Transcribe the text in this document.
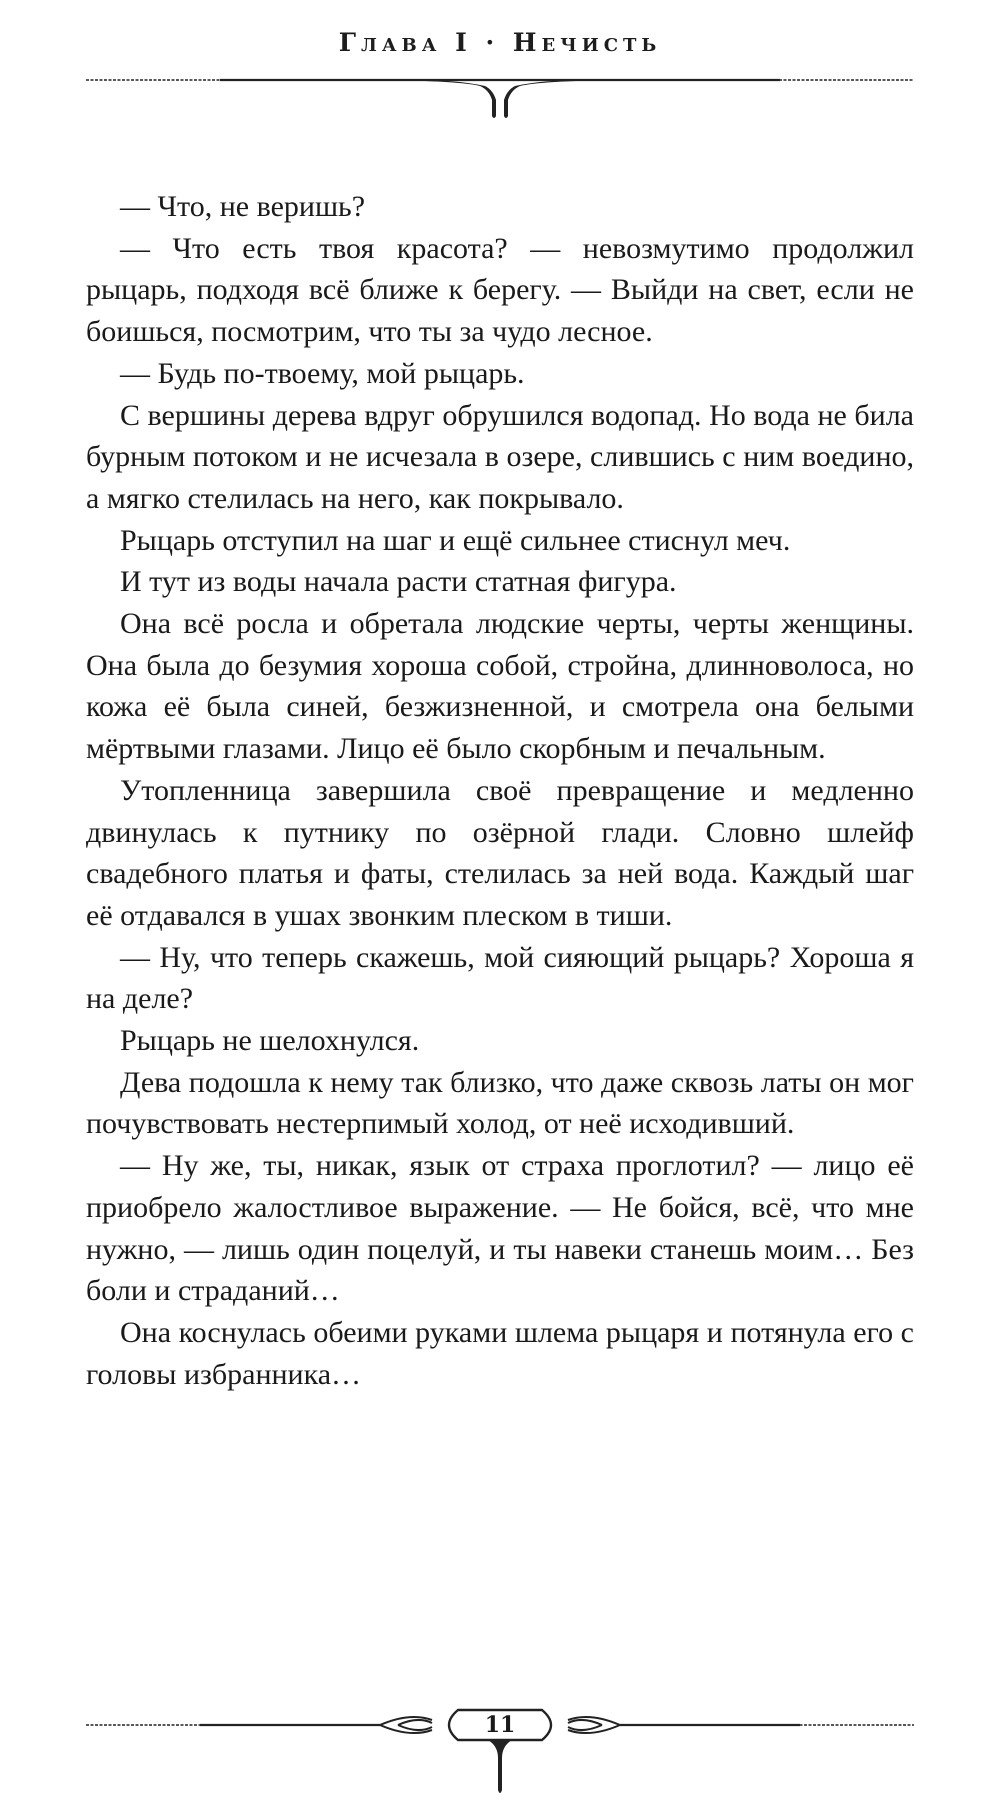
Глава I · Нечисть

— Что, не веришь?

— Что есть твоя красота? — невозмутимо продолжил рыцарь, подходя всё ближе к берегу. — Выйди на свет, если не боишься, посмотрим, что ты за чудо лесное.

— Будь по-твоему, мой рыцарь.

С вершины дерева вдруг обрушился водопад. Но вода не била бурным потоком и не исчезала в озере, слившись с ним воедино, а мягко стелилась на него, как покрывало.

Рыцарь отступил на шаг и ещё сильнее стиснул меч.

И тут из воды начала расти статная фигура.

Она всё росла и обретала людские черты, черты женщины. Она была до безумия хороша собой, стройна, длинноволоса, но кожа её была синей, безжизненной, и смотрела она белыми мёртвыми глазами. Лицо её было скорбным и печальным.

Утопленница завершила своё превращение и медленно двинулась к путнику по озёрной глади. Словно шлейф свадебного платья и фаты, стелилась за ней вода. Каждый шаг её отдавался в ушах звонким плеском в тиши.

— Ну, что теперь скажешь, мой сияющий рыцарь? Хороша я на деле?

Рыцарь не шелохнулся.

Дева подошла к нему так близко, что даже сквозь латы он мог почувствовать нестерпимый холод, от неё исходивший.

— Ну же, ты, никак, язык от страха проглотил? — лицо её приобрело жалостливое выражение. — Не бойся, всё, что мне нужно, — лишь один поцелуй, и ты навеки станешь моим… Без боли и страданий…

Она коснулась обеими руками шлема рыцаря и потянула его с головы избранника…

11
